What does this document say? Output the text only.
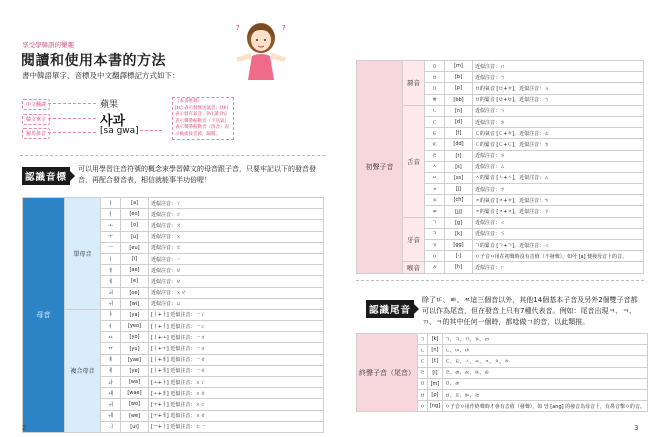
享受學韓語的樂趣
閱讀和使用本書的方法
書中韓語單字、音標及中文翻譯標記方式如下：
?	?
中文翻譯
韓文單字
羅馬拼音
蘋果
사과
[sa gwa]
（本書拼寫）
[ts] 表示發無送氣音；[th] 表示發有氣音；[h] 讀 [h] 表示聲帶振動音（不送氣）表示聲帶振動音（清音）表示後面接音節，隔開。
認識音標
可以用學習注音符號的概念來學習韓文的母音跟子音，只要牢記以下的發音發音，再配合發音表，相信就能事半功倍喔！
母音	單母音	ㅏ	[a]	近似注音：ㄚ
		ㅓ	[eo]	近似注音：ㄛ
		ㅗ	[o]	近似注音：ㄡ
		ㅜ	[u]	近似注音：ㄨ
		ㅡ	[eu]	近似注音：ㄜ
		ㅣ	[i]	近似注音：ㄧ
		ㅐ	[ae]	近似注音：ㄝ
		ㅔ	[e]	近似注音：ㄝ
		ㅚ	[oe]	近似注音：ㄨㄝ
		ㅟ	[wi]	近似注音：ㄩ
	複合母音	ㅑ	[ya]	[ㅣ+ㅏ] 近似注音：一ㄚ
		ㅕ	[yeo]	[ㅣ+ㅓ] 近似注音：一ㄛ
		ㅛ	[yo]	[ㅣ+ㅗ] 近似注音：一ㄡ
		ㅠ	[yu]	[ㅣ+ㅜ] 近似注音：一ㄨ
		ㅒ	[yae]	[ㅣ+ㅐ] 近似注音：一ㄝ
		ㅖ	[ye]	[ㅣ+ㅔ] 近似注音：一ㄝ
		ㅘ	[wa]	[ㅗ+ㅏ] 近似注音：ㄨㄚ
		ㅙ	[wae]	[ㅗ+ㅐ] 近似注音：ㄨㄝ
		ㅝ	[wo]	[ㅜ+ㅓ] 近似注音：ㄨㄛ
		ㅞ	[we]	[ㅜ+ㅔ] 近似注音：ㄨㄝ
		ㅢ	[ui]	[ㅡ+ㅣ] 近似注音：ㄜ一
2
初聲子音	脣音	ㅁ	[m]	近似注音：ㄇ
		ㅂ	[b]	近似注音：ㄅ
		ㅍ	[p]	ㅂ的氣音 [ㅂ+ㅎ]，近似注音：ㄆ
		ㅃ	[bb]	ㅂ的緊音 [ㅂ+ㅂ]，近似注音：ㄅ
	舌音	ㄴ	[n]	近似注音：ㄋ
		ㄷ	[d]	近似注音：ㄉ
		ㅌ	[t]	ㄷ的氣音 [ㄷ+ㅎ]，近似注音：ㄊ
		ㄸ	[dd]	ㄷ的緊音 [ㄷ+ㄷ]，近似注音：ㄉ
		ㄹ	[r]	近似注音：ㄌ
		ㅅ	[s]	近似注音：ㄙ
		ㅆ	[ss]	ㅅ的緊音 [ㅅ+ㅅ]，近似注音：ㄙ
		ㅈ	[j]	近似注音：ㄗ
		ㅊ	[ch]	ㅈ的氣音 [ㅈ+ㅎ]，近似注音：ㄘ
		ㅉ	[jj]	ㅈ的緊音 [ㅈ+ㅈ]，近似注音：ㄗ
	牙音	ㄱ	[g]	近似注音：ㄍ
		ㅋ	[k]	近似注音：ㄎ
		ㄲ	[gg]	ㄱ的緊音 [ㄱ+ㄱ]，近似注音：ㄍ
		ㅇ	[-]	ㅇ子音ㅇ用在初聲時沒有音值（不發聲），如아 [a] 便發母音ㅏ的音。
	喉音	ㅎ	[h]	近似注音：ㄏ
認識尾音
除了ㄸ、ㅃ、ㅉ這三個音以外，其他14個基本子音及另外2個雙子音都可以作為尾音，但在發音上只有7種代表音。例如：尾音出現ㅋ、ㅋ、ㄲ、ㅋ的其中任何一個時，都唸做ㄱ的音，以此類推。
終聲子音（尾音）	ㄱ	[k]	ㄱ、ㅋ、ㄲ、ㄳ、ㄺ
	ㄴ	[n]	ㄴ、ㄵ、ㄶ
	ㄷ	[t]	ㄷ、ㅌ、ㅅ、ㅆ、ㅈ、ㅊ、ㅎ
	ㄹ	[l]	ㄹ、ㄼ、ㄽ、ㄾ、ㅀ
	ㅁ	[m]	ㅁ、ㄻ
	ㅂ	[p]	ㅂ、ㅍ、ㅄ、ㄿ
	ㅇ	[ng]	ㅇ子音ㅇ用作終聲時才會有音值（發聲），如 앙 [ang] 的發音為母音ㅏ，有鼻音擊ㅇ的音。
3
